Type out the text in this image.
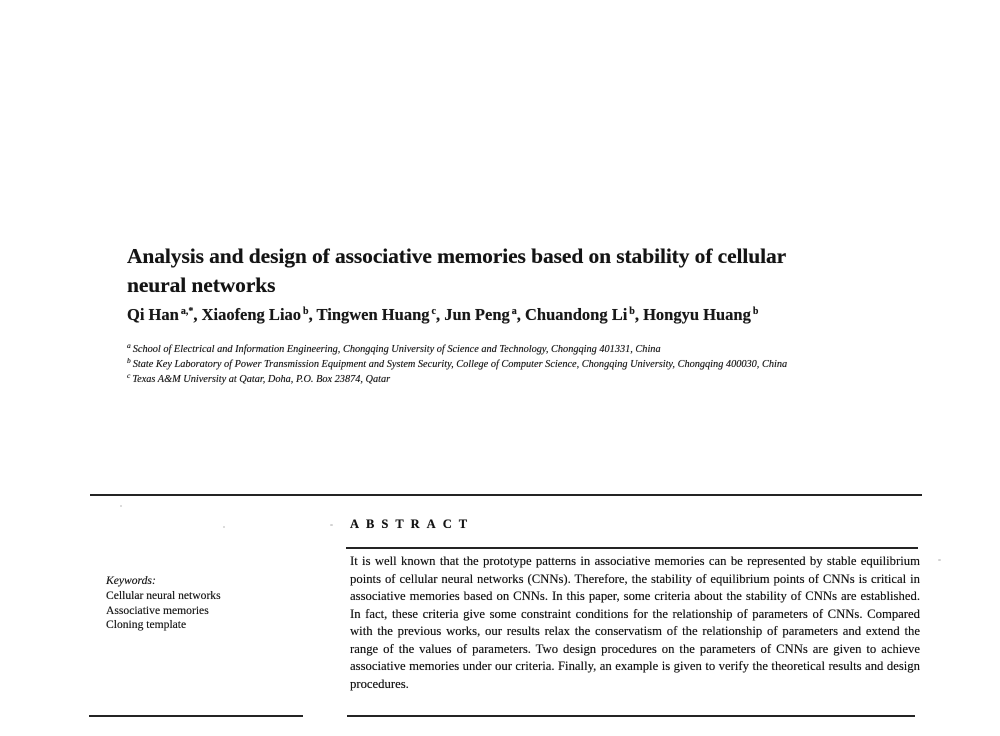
Analysis and design of associative memories based on stability of cellular
neural networks
Qi Han $^{a,*}$, Xiaofeng Liao $^b$, Tingwen Huang $^c$, Jun Peng $^a$, Chuandong Li $^b$, Hongyu Huang $^b$
$^a$ School of Electrical and Information Engineering, Chongqing University of Science and Technology, Chongqing 401331, China
$^b$ State Key Laboratory of Power Transmission Equipment and System Security, College of Computer Science, Chongqing University, Chongqing 400030, China
$^c$ Texas A&M University at Qatar, Doha, P.O. Box 23874, Qatar
ABSTRACT
Keywords:
Cellular neural networks
Associative memories
Cloning template
It is well known that the prototype patterns in associative memories can be represented by stable equilibrium points of cellular neural networks (CNNs). Therefore, the stability of equilibrium points of CNNs is critical in associative memories based on CNNs. In this paper, some criteria about the stability of CNNs are established. In fact, these criteria give some constraint conditions for the relationship of parameters of CNNs. Compared with the previous works, our results relax the conservatism of the relationship of parameters and extend the range of the values of parameters. Two design procedures on the parameters of CNNs are given to achieve associative memories under our criteria. Finally, an example is given to verify the theoretical results and design procedures.
